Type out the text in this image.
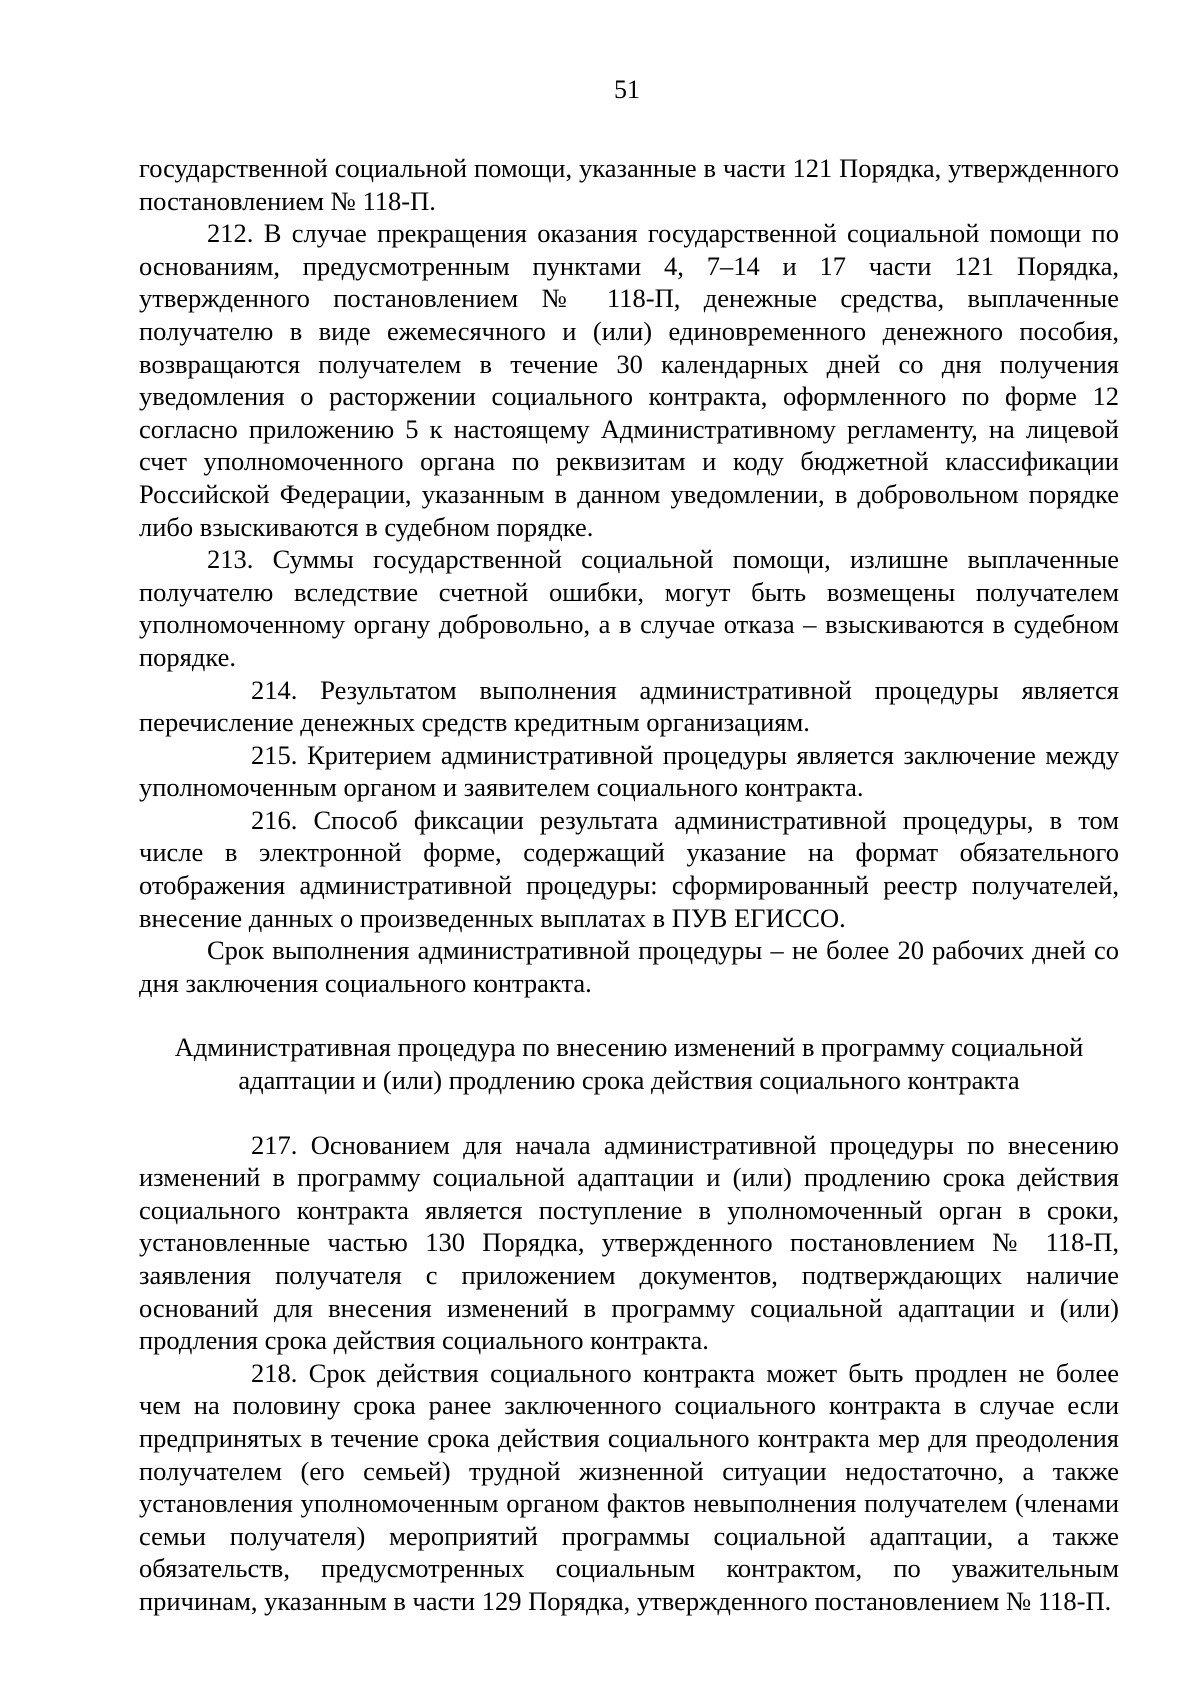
51

государственной социальной помощи, указанные в части 121 Порядка, утвержденного постановлением № 118-П.

212. В случае прекращения оказания государственной социальной помощи по основаниям, предусмотренным пунктами 4, 7–14 и 17 части 121 Порядка, утвержденного постановлением № 118-П, денежные средства, выплаченные получателю в виде ежемесячного и (или) единовременного денежного пособия, возвращаются получателем в течение 30 календарных дней со дня получения уведомления о расторжении социального контракта, оформленного по форме 12 согласно приложению 5 к настоящему Административному регламенту, на лицевой счет уполномоченного органа по реквизитам и коду бюджетной классификации Российской Федерации, указанным в данном уведомлении, в добровольном порядке либо взыскиваются в судебном порядке.

213. Суммы государственной социальной помощи, излишне выплаченные получателю вследствие счетной ошибки, могут быть возмещены получателем уполномоченному органу добровольно, а в случае отказа – взыскиваются в судебном порядке.

214. Результатом выполнения административной процедуры является перечисление денежных средств кредитным организациям.

215. Критерием административной процедуры является заключение между уполномоченным органом и заявителем социального контракта.

216. Способ фиксации результата административной процедуры, в том числе в электронной форме, содержащий указание на формат обязательного отображения административной процедуры: сформированный реестр получателей, внесение данных о произведенных выплатах в ПУВ ЕГИССО.

Срок выполнения административной процедуры – не более 20 рабочих дней со дня заключения социального контракта.

Административная процедура по внесению изменений в программу социальной адаптации и (или) продлению срока действия социального контракта

217. Основанием для начала административной процедуры по внесению изменений в программу социальной адаптации и (или) продлению срока действия социального контракта является поступление в уполномоченный орган в сроки, установленные частью 130 Порядка, утвержденного постановлением № 118-П, заявления получателя с приложением документов, подтверждающих наличие оснований для внесения изменений в программу социальной адаптации и (или) продления срока действия социального контракта.

218. Срок действия социального контракта может быть продлен не более чем на половину срока ранее заключенного социального контракта в случае если предпринятых в течение срока действия социального контракта мер для преодоления получателем (его семьей) трудной жизненной ситуации недостаточно, а также установления уполномоченным органом фактов невыполнения получателем (членами семьи получателя) мероприятий программы социальной адаптации, а также обязательств, предусмотренных социальным контрактом, по уважительным причинам, указанным в части 129 Порядка, утвержденного постановлением № 118-П.
